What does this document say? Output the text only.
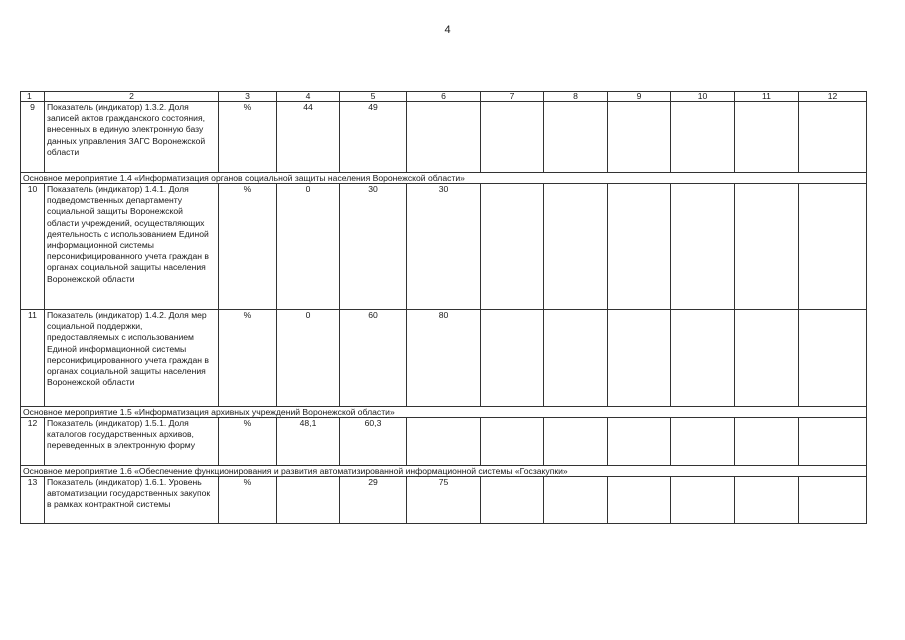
4
1	2	3	4	5	6	7	8	9	10	11	12
9	Показатель (индикатор) 1.3.2. Доля записей актов гражданского состояния, внесенных в единую электронную базу данных управления ЗАГС Воронежской области	%	44	49							
Основное мероприятие 1.4 «Информатизация органов социальной защиты населения Воронежской области»											
10	Показатель (индикатор) 1.4.1. Доля подведомственных департаменту социальной защиты Воронежской области учреждений, осуществляющих деятельность с использованием Единой информационной системы персонифицированного учета граждан в органах социальной защиты населения Воронежской области	%	0	30	30						
11	Показатель (индикатор) 1.4.2. Доля мер социальной поддержки, предоставляемых с использованием Единой информационной системы персонифицированного учета граждан в органах социальной защиты населения Воронежской области	%	0	60	80						
Основное мероприятие 1.5 «Информатизация архивных учреждений Воронежской области»											
12	Показатель (индикатор) 1.5.1. Доля каталогов государственных архивов, переведенных в электронную форму	%	48,1	60,3							
Основное мероприятие 1.6 «Обеспечение функционирования и развития автоматизированной информационной системы «Госзакупки»											
13	Показатель (индикатор) 1.6.1. Уровень автоматизации государственных закупок в рамках контрактной системы	%		29	75						
